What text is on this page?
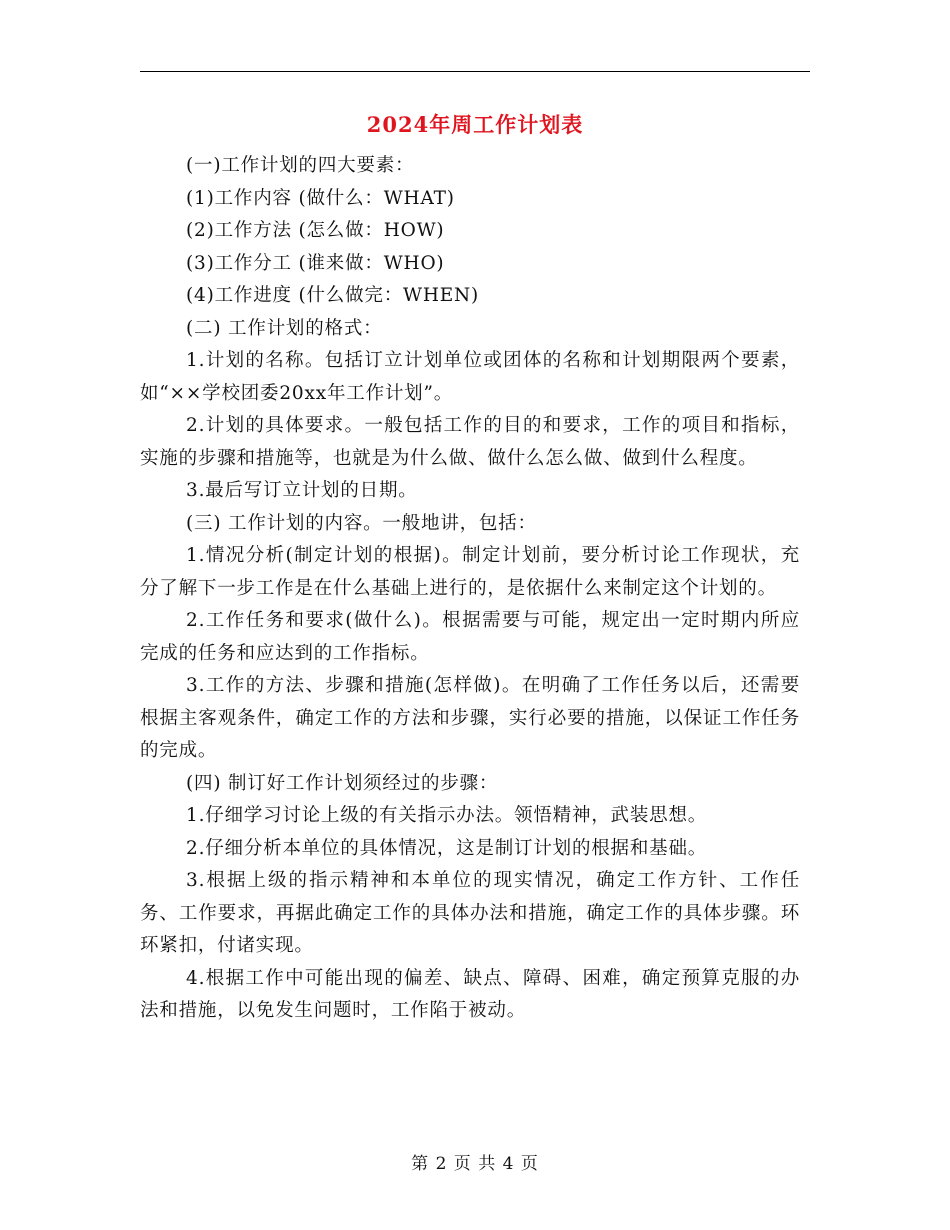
2024年周工作计划表

(一)工作计划的四大要素：

(1)工作内容 (做什么：WHAT)

(2)工作方法 (怎么做：HOW)

(3)工作分工 (谁来做：WHO)

(4)工作进度 (什么做完：WHEN)

(二) 工作计划的格式：

1.计划的名称。包括订立计划单位或团体的名称和计划期限两个要素，如“××学校团委20xx年工作计划”。

2.计划的具体要求。一般包括工作的目的和要求，工作的项目和指标，实施的步骤和措施等，也就是为什么做、做什么怎么做、做到什么程度。

3.最后写订立计划的日期。

(三) 工作计划的内容。一般地讲，包括：

1.情况分析(制定计划的根据)。制定计划前，要分析讨论工作现状，充分了解下一步工作是在什么基础上进行的，是依据什么来制定这个计划的。

2.工作任务和要求(做什么)。根据需要与可能，规定出一定时期内所应完成的任务和应达到的工作指标。

3.工作的方法、步骤和措施(怎样做)。在明确了工作任务以后，还需要根据主客观条件，确定工作的方法和步骤，实行必要的措施，以保证工作任务的完成。

(四) 制订好工作计划须经过的步骤：

1.仔细学习讨论上级的有关指示办法。领悟精神，武装思想。

2.仔细分析本单位的具体情况，这是制订计划的根据和基础。

3.根据上级的指示精神和本单位的现实情况，确定工作方针、工作任务、工作要求，再据此确定工作的具体办法和措施，确定工作的具体步骤。环环紧扣，付诸实现。

4.根据工作中可能出现的偏差、缺点、障碍、困难，确定预算克服的办法和措施，以免发生问题时，工作陷于被动。

第 2 页 共 4 页
